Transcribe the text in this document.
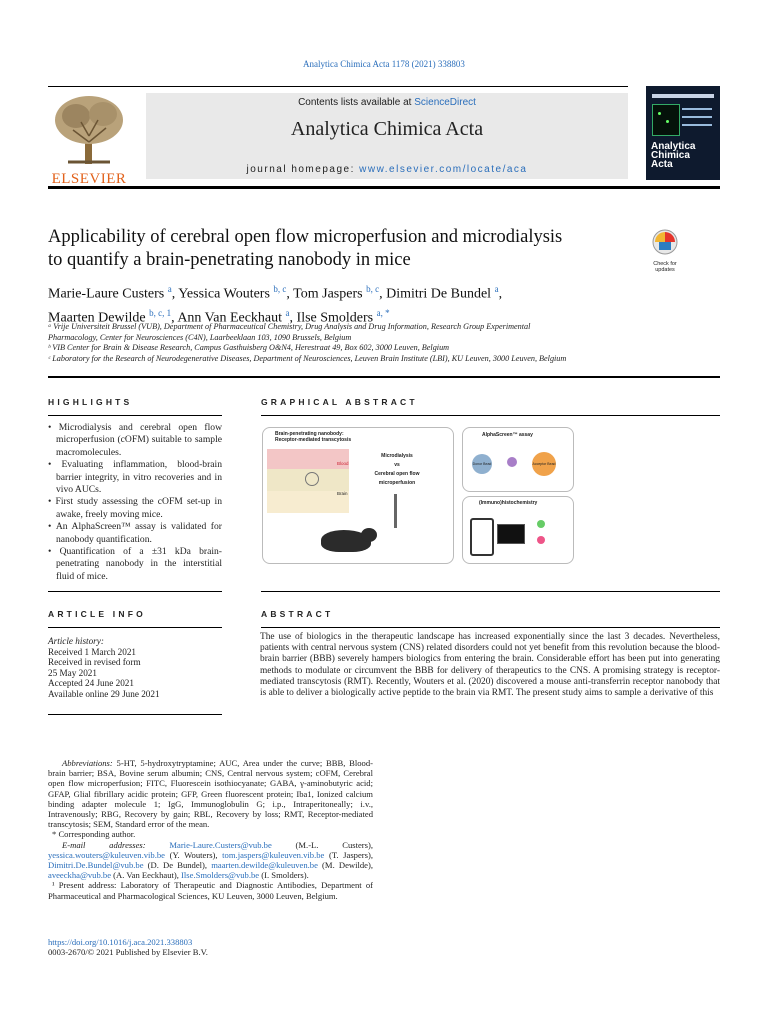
Analytica Chimica Acta 1178 (2021) 338803
ELSEVIER
Contents lists available at ScienceDirect
Analytica Chimica Acta
journal homepage: www.elsevier.com/locate/aca
Analytica
Chimica
Acta
Applicability of cerebral open flow microperfusion and microdialysis
to quantify a brain-penetrating nanobody in mice	Check for
updates
Marie-Laure Custers $^a$, Yessica Wouters $^{b, c}$, Tom Jaspers $^{b, c}$, Dimitri De Bundel $^a$,
Maarten Dewilde $^{b, c, 1}$, Ann Van Eeckhaut $^a$, Ilse Smolders $^{a, *}$
ᵃ Vrije Universiteit Brussel (VUB), Department of Pharmaceutical Chemistry, Drug Analysis and Drug Information, Research Group Experimental
Pharmacology, Center for Neurosciences (C4N), Laarbeeklaan 103, 1090 Brussels, Belgium
ᵇ VIB Center for Brain & Disease Research, Campus Gasthuisberg O&N4, Herestraat 49, Box 602, 3000 Leuven, Belgium
ᶜ Laboratory for the Research of Neurodegenerative Diseases, Department of Neurosciences, Leuven Brain Institute (LBI), KU Leuven, 3000 Leuven, Belgium
HIGHLIGHTS
• Microdialysis and cerebral open flow microperfusion (cOFM) suitable to sample macromolecules.
• Evaluating inflammation, blood-brain barrier integrity, in vitro recoveries and in vivo AUCs.
• First study assessing the cOFM set-up in awake, freely moving mice.
• An AlphaScreen™ assay is validated for nanobody quantification.
• Quantification of a ±31 kDa brain-penetrating nanobody in the interstitial fluid of mice.
GRAPHICAL ABSTRACT
Brain-penetrating nanobody:
Receptor-mediated transcytosis
Blood
Brain
Microdialysis
vs
Cerebral open flow
microperfusion
AlphaScreen™ assay
Donor Bead	Acceptor Bead
(Immuno)histochemistry
ARTICLE INFO
Article history:
Received 1 March 2021
Received in revised form
25 May 2021
Accepted 24 June 2021
Available online 29 June 2021
ABSTRACT
The use of biologics in the therapeutic landscape has increased exponentially since the last 3 decades. Nevertheless, patients with central nervous system (CNS) related disorders could not yet benefit from this revolution because the blood-brain barrier (BBB) severely hampers biologics from entering the brain. Considerable effort has been put into generating methods to modulate or circumvent the BBB for delivery of therapeutics to the CNS. A promising strategy is receptor-mediated transcytosis (RMT). Recently, Wouters et al. (2020) discovered a mouse anti-transferrin receptor nanobody that is able to deliver a biologically active peptide to the brain via RMT. The present study aims to sample a derivative of this
Abbreviations: 5-HT, 5-hydroxytryptamine; AUC, Area under the curve; BBB, Blood-brain barrier; BSA, Bovine serum albumin; CNS, Central nervous system; cOFM, Cerebral open flow microperfusion; FITC, Fluorescein isothiocyanate; GABA, γ-aminobutyric acid; GFAP, Glial fibrillary acidic protein; GFP, Green fluorescent protein; Iba1, Ionized calcium binding adapter molecule 1; IgG, Immunoglobulin G; i.p., Intraperitoneally; i.v., Intravenously; RBG, Recovery by gain; RBL, Recovery by loss; RMT, Receptor-mediated transcytosis; SEM, Standard error of the mean.
* Corresponding author.
E-mail addresses: Marie-Laure.Custers@vub.be (M.-L. Custers), yessica.wouters@kuleuven.vib.be (Y. Wouters), tom.jaspers@kuleuven.vib.be (T. Jaspers), Dimitri.De.Bundel@vub.be (D. De Bundel), maarten.dewilde@kuleuven.be (M. Dewilde), aveeckha@vub.be (A. Van Eeckhaut), Ilse.Smolders@vub.be (I. Smolders).
¹ Present address: Laboratory of Therapeutic and Diagnostic Antibodies, Department of Pharmaceutical and Pharmacological Sciences, KU Leuven, 3000 Leuven, Belgium.
https://doi.org/10.1016/j.aca.2021.338803
0003-2670/© 2021 Published by Elsevier B.V.
